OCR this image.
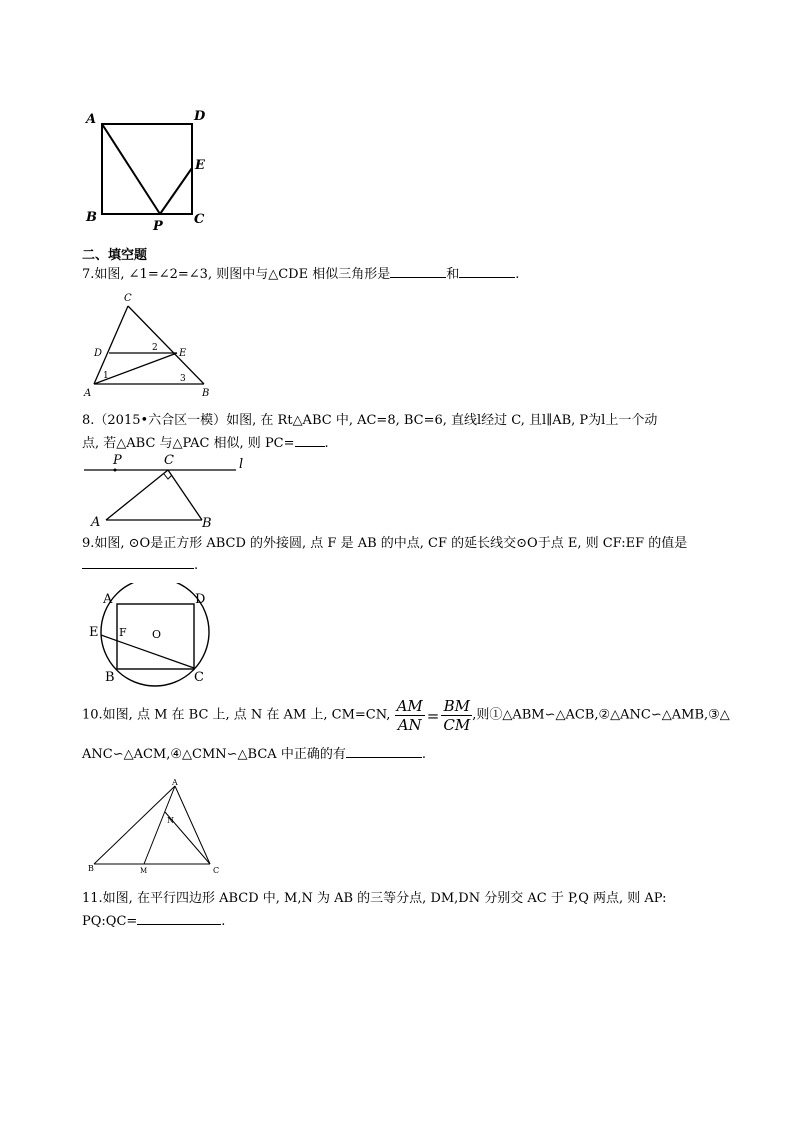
A	D
E
B
P C
二、填空题
7.如图, ∠1=∠2=∠3, 则图中与△CDE 相似三角形是	和	.
C
D	E
A	B
1
2
3
8.（2015•六合区一模）如图, 在 Rt△ABC 中, AC=8, BC=6, 直线l经过 C, 且l∥AB, P为l上一个动
点, 若△ABC 与△PAC 相似, 则 PC= .
P	C	l
A	B
9.如图, ⊙O是正方形 ABCD 的外接圆, 点 F 是 AB 的中点, CF 的延长线交⊙O于点 E, 则 CF:EF 的值是
.
A	D
E F O
B	C
10.如图, 点 M 在 BC 上, 点 N 在 AM 上, CM=CN, $\frac{AM}{AN} = \frac{BM}{CM}$ ,则①△ABM∽△ACB,②△ANC∽△AMB,③△
ANC∽△ACM,④△CMN∽△BCA 中正确的有	.
A
N
B	M	C
11.如图, 在平行四边形 ABCD 中, M,N 为 AB 的三等分点, DM,DN 分别交 AC 于 P,Q 两点, 则 AP:
PQ:QC=	.
